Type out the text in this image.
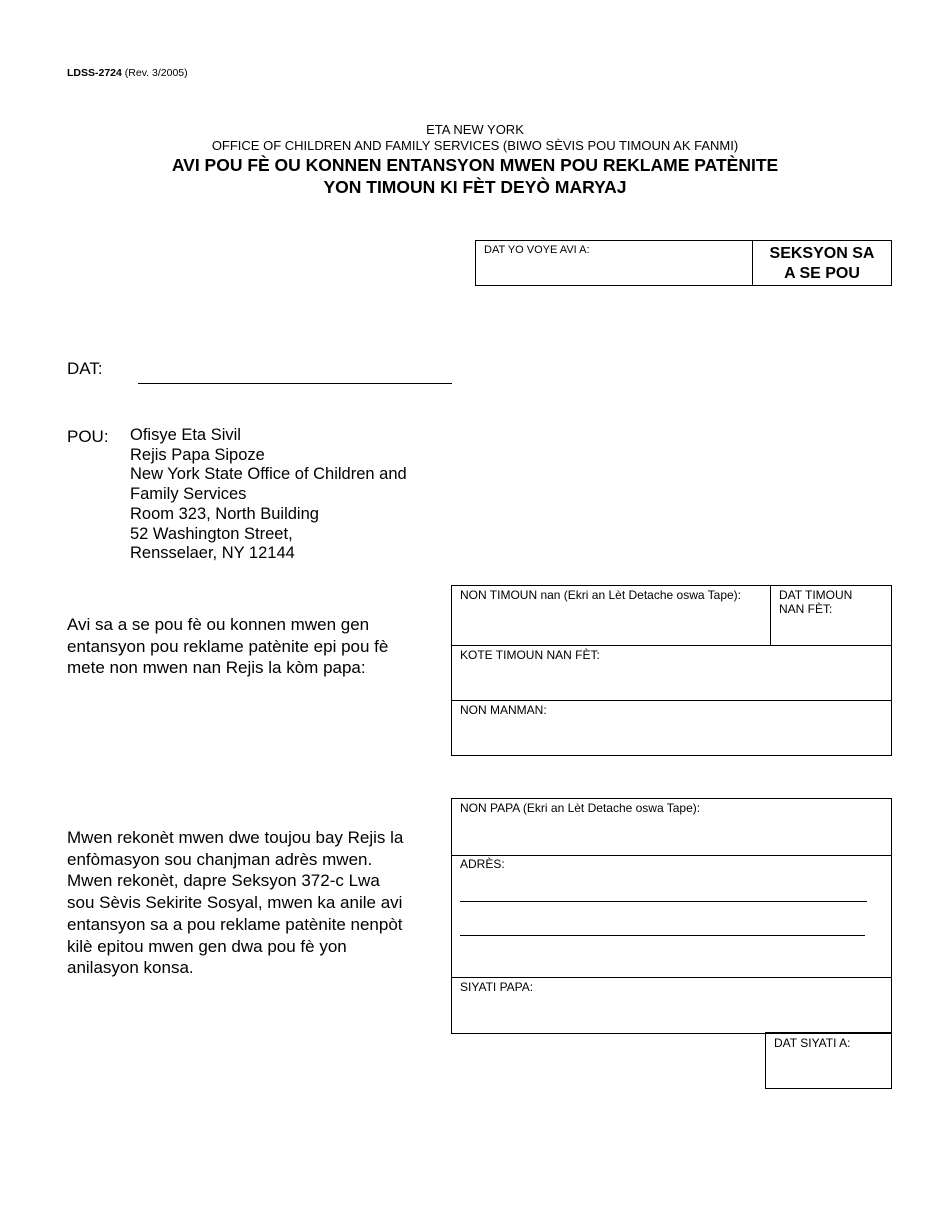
LDSS-2724 (Rev. 3/2005)
ETA NEW YORK
OFFICE OF CHILDREN AND FAMILY SERVICES (BIWO SÈVIS POU TIMOUN AK FANMI)
AVI POU FÈ OU KONNEN ENTANSYON MWEN POU REKLAME PATÈNITE
YON TIMOUN KI FÈT DEYÒ MARYAJ
DAT YO VOYE AVI A:	SEKSYON SA
A SE POU
DAT:
POU: Ofisye Eta Sivil
Rejis Papa Sipoze
New York State Office of Children and
Family Services
Room 323, North Building
52 Washington Street,
Rensselaer, NY 12144
Avi sa a se pou fè ou konnen mwen gen
entansyon pou reklame patènite epi pou fè
mete non mwen nan Rejis la kòm papa:
NON TIMOUN nan (Ekri an Lèt Detache oswa Tape):	DAT TIMOUN
NAN FÈT:
KOTE TIMOUN NAN FÈT:
NON MANMAN:
Mwen rekonèt mwen dwe toujou bay Rejis la
enfòmasyon sou chanjman adrès mwen.
Mwen rekonèt, dapre Seksyon 372-c Lwa
sou Sèvis Sekirite Sosyal, mwen ka anile avi
entansyon sa a pou reklame patènite nenpòt
kilè epitou mwen gen dwa pou fè yon
anilasyon konsa.
NON PAPA (Ekri an Lèt Detache oswa Tape):
ADRÈS:
SIYATI PAPA:
DAT SIYATI A:
